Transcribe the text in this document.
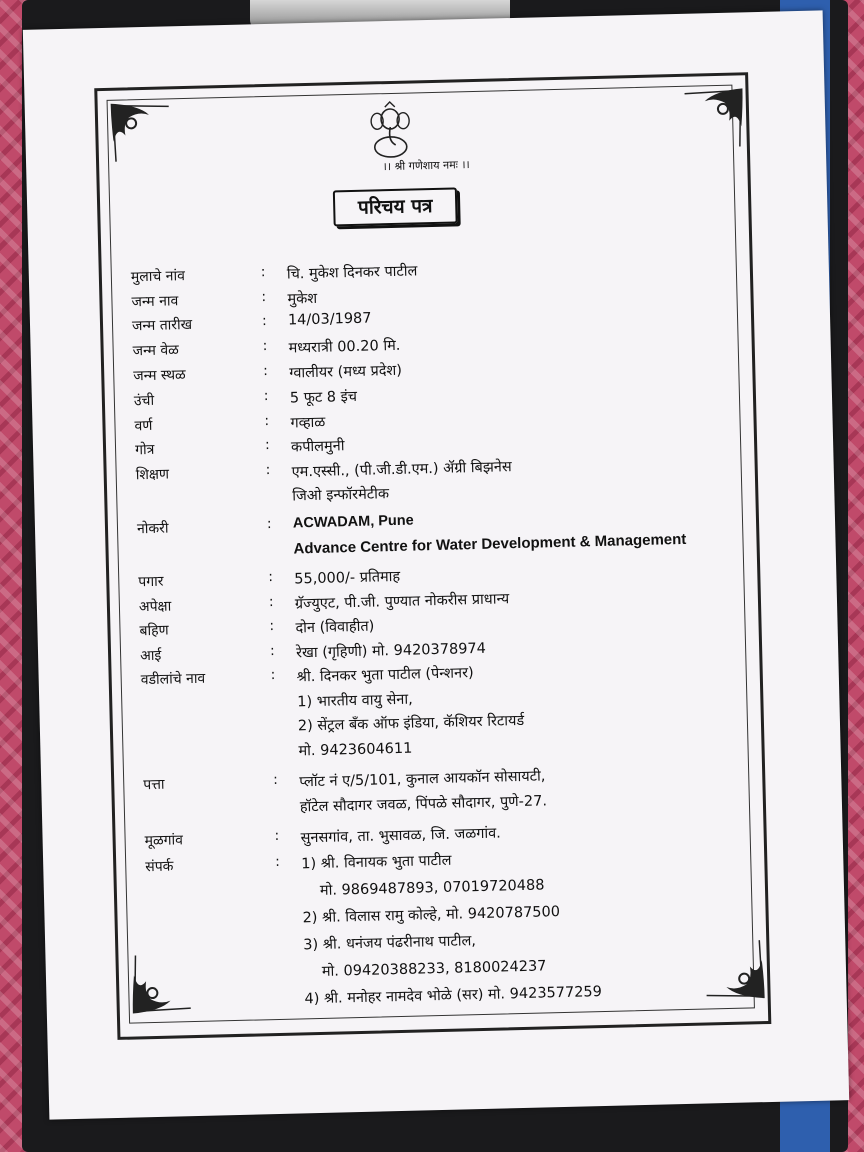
।। श्री गणेशाय नमः ।।
परिचय पत्र
मुलाचे नांव	: चि. मुकेश दिनकर पाटील
जन्म नाव	: मुकेश
जन्म तारीख	: 14/03/1987
जन्म वेळ	: मध्यरात्री 00.20 मि.
जन्म स्थळ	: ग्वालीयर (मध्य प्रदेश)
उंची	: 5 फूट 8 इंच
वर्ण	: गव्हाळ
गोत्र	: कपीलमुनी
शिक्षण	: एम.एस्सी., (पी.जी.डी.एम.) ॲग्री बिझनेस
जिओ इन्फॉरमेटीक
नोकरी	: ACWADAM, Pune
Advance Centre for Water Development & Management
पगार	: 55,000/- प्रतिमाह
अपेक्षा	: ग्रॅज्युएट, पी.जी. पुण्यात नोकरीस प्राधान्य
बहिण	: दोन (विवाहीत)
आई	: रेखा (गृहिणी) मो. 9420378974
वडीलांचे नाव	: श्री. दिनकर भुता पाटील (पेन्शनर)
1) भारतीय वायु सेना,
2) सेंट्रल बँक ऑफ इंडिया, कॅशियर रिटायर्ड
मो. 9423604611
पत्ता	: प्लॉट नं ए/5/101, कुनाल आयकॉन सोसायटी,
हॉटेल सौदागर जवळ, पिंपळे सौदागर, पुणे-27.
मूळगांव	: सुनसगांव, ता. भुसावळ, जि. जळगांव.
संपर्क	: 1) श्री. विनायक भुता पाटील
मो. 9869487893, 07019720488
2) श्री. विलास रामु कोल्हे, मो. 9420787500
3) श्री. धनंजय पंढरीनाथ पाटील,
मो. 09420388233, 8180024237
4) श्री. मनोहर नामदेव भोळे (सर) मो. 9423577259
